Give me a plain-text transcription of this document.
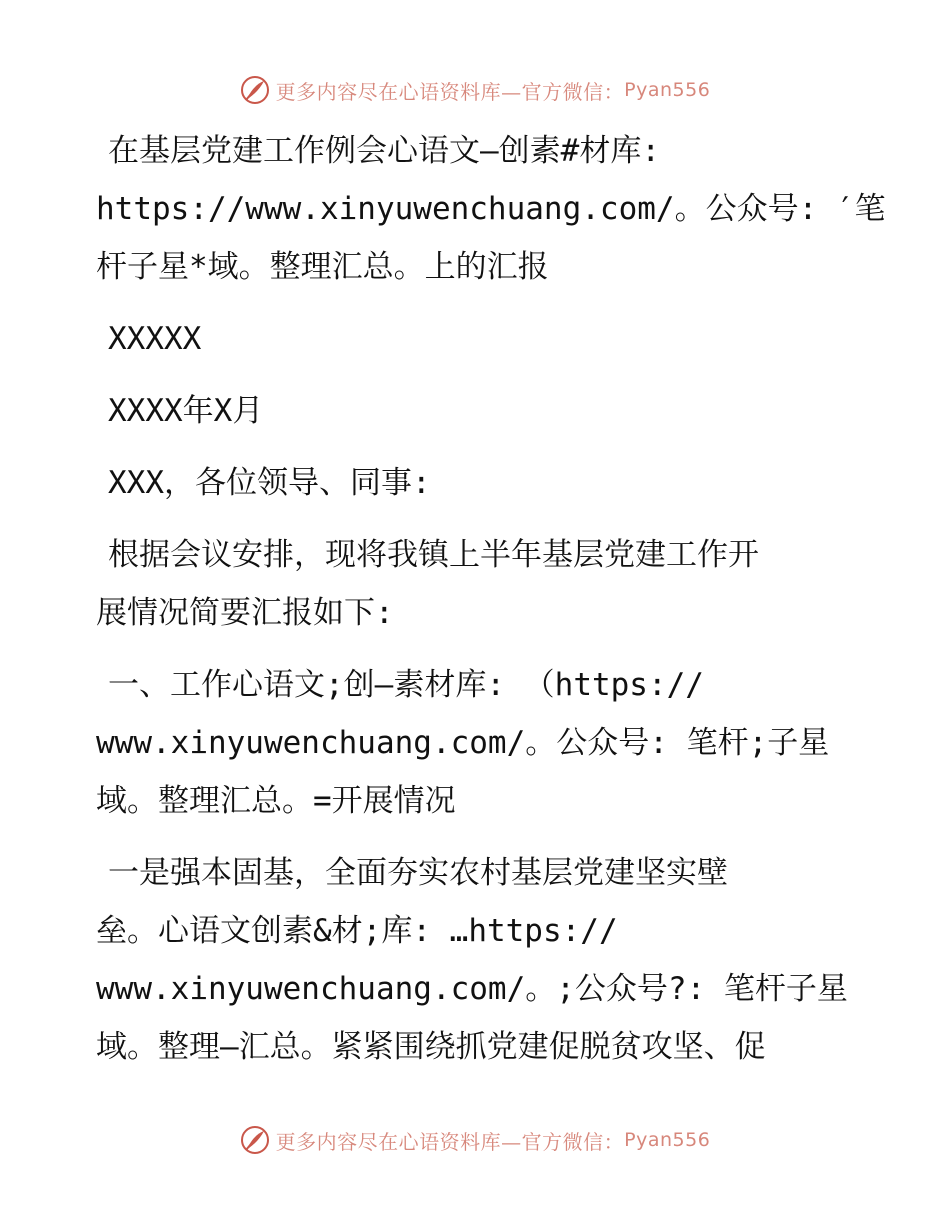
更多内容尽在心语资料库—官方微信： Pyan556
在基层党建工作例会心语文—创素#材库:
https://www.xinyuwenchuang.com/。公众号: ′笔
杆子星*域。整理汇总。上的汇报
XXXXX
XXXX年X月
XXX，各位领导、同事:
根据会议安排，现将我镇上半年基层党建工作开
展情况简要汇报如下:
一、工作心语文;创—素材库: （https://
www.xinyuwenchuang.com/。公众号: 笔杆;子星
域。整理汇总。=开展情况
一是强本固基，全面夯实农村基层党建坚实壁
垒。心语文创素&材;库: …https://
www.xinyuwenchuang.com/。;公众号?: 笔杆子星
域。整理—汇总。紧紧围绕抓党建促脱贫攻坚、促
更多内容尽在心语资料库—官方微信： Pyan556
